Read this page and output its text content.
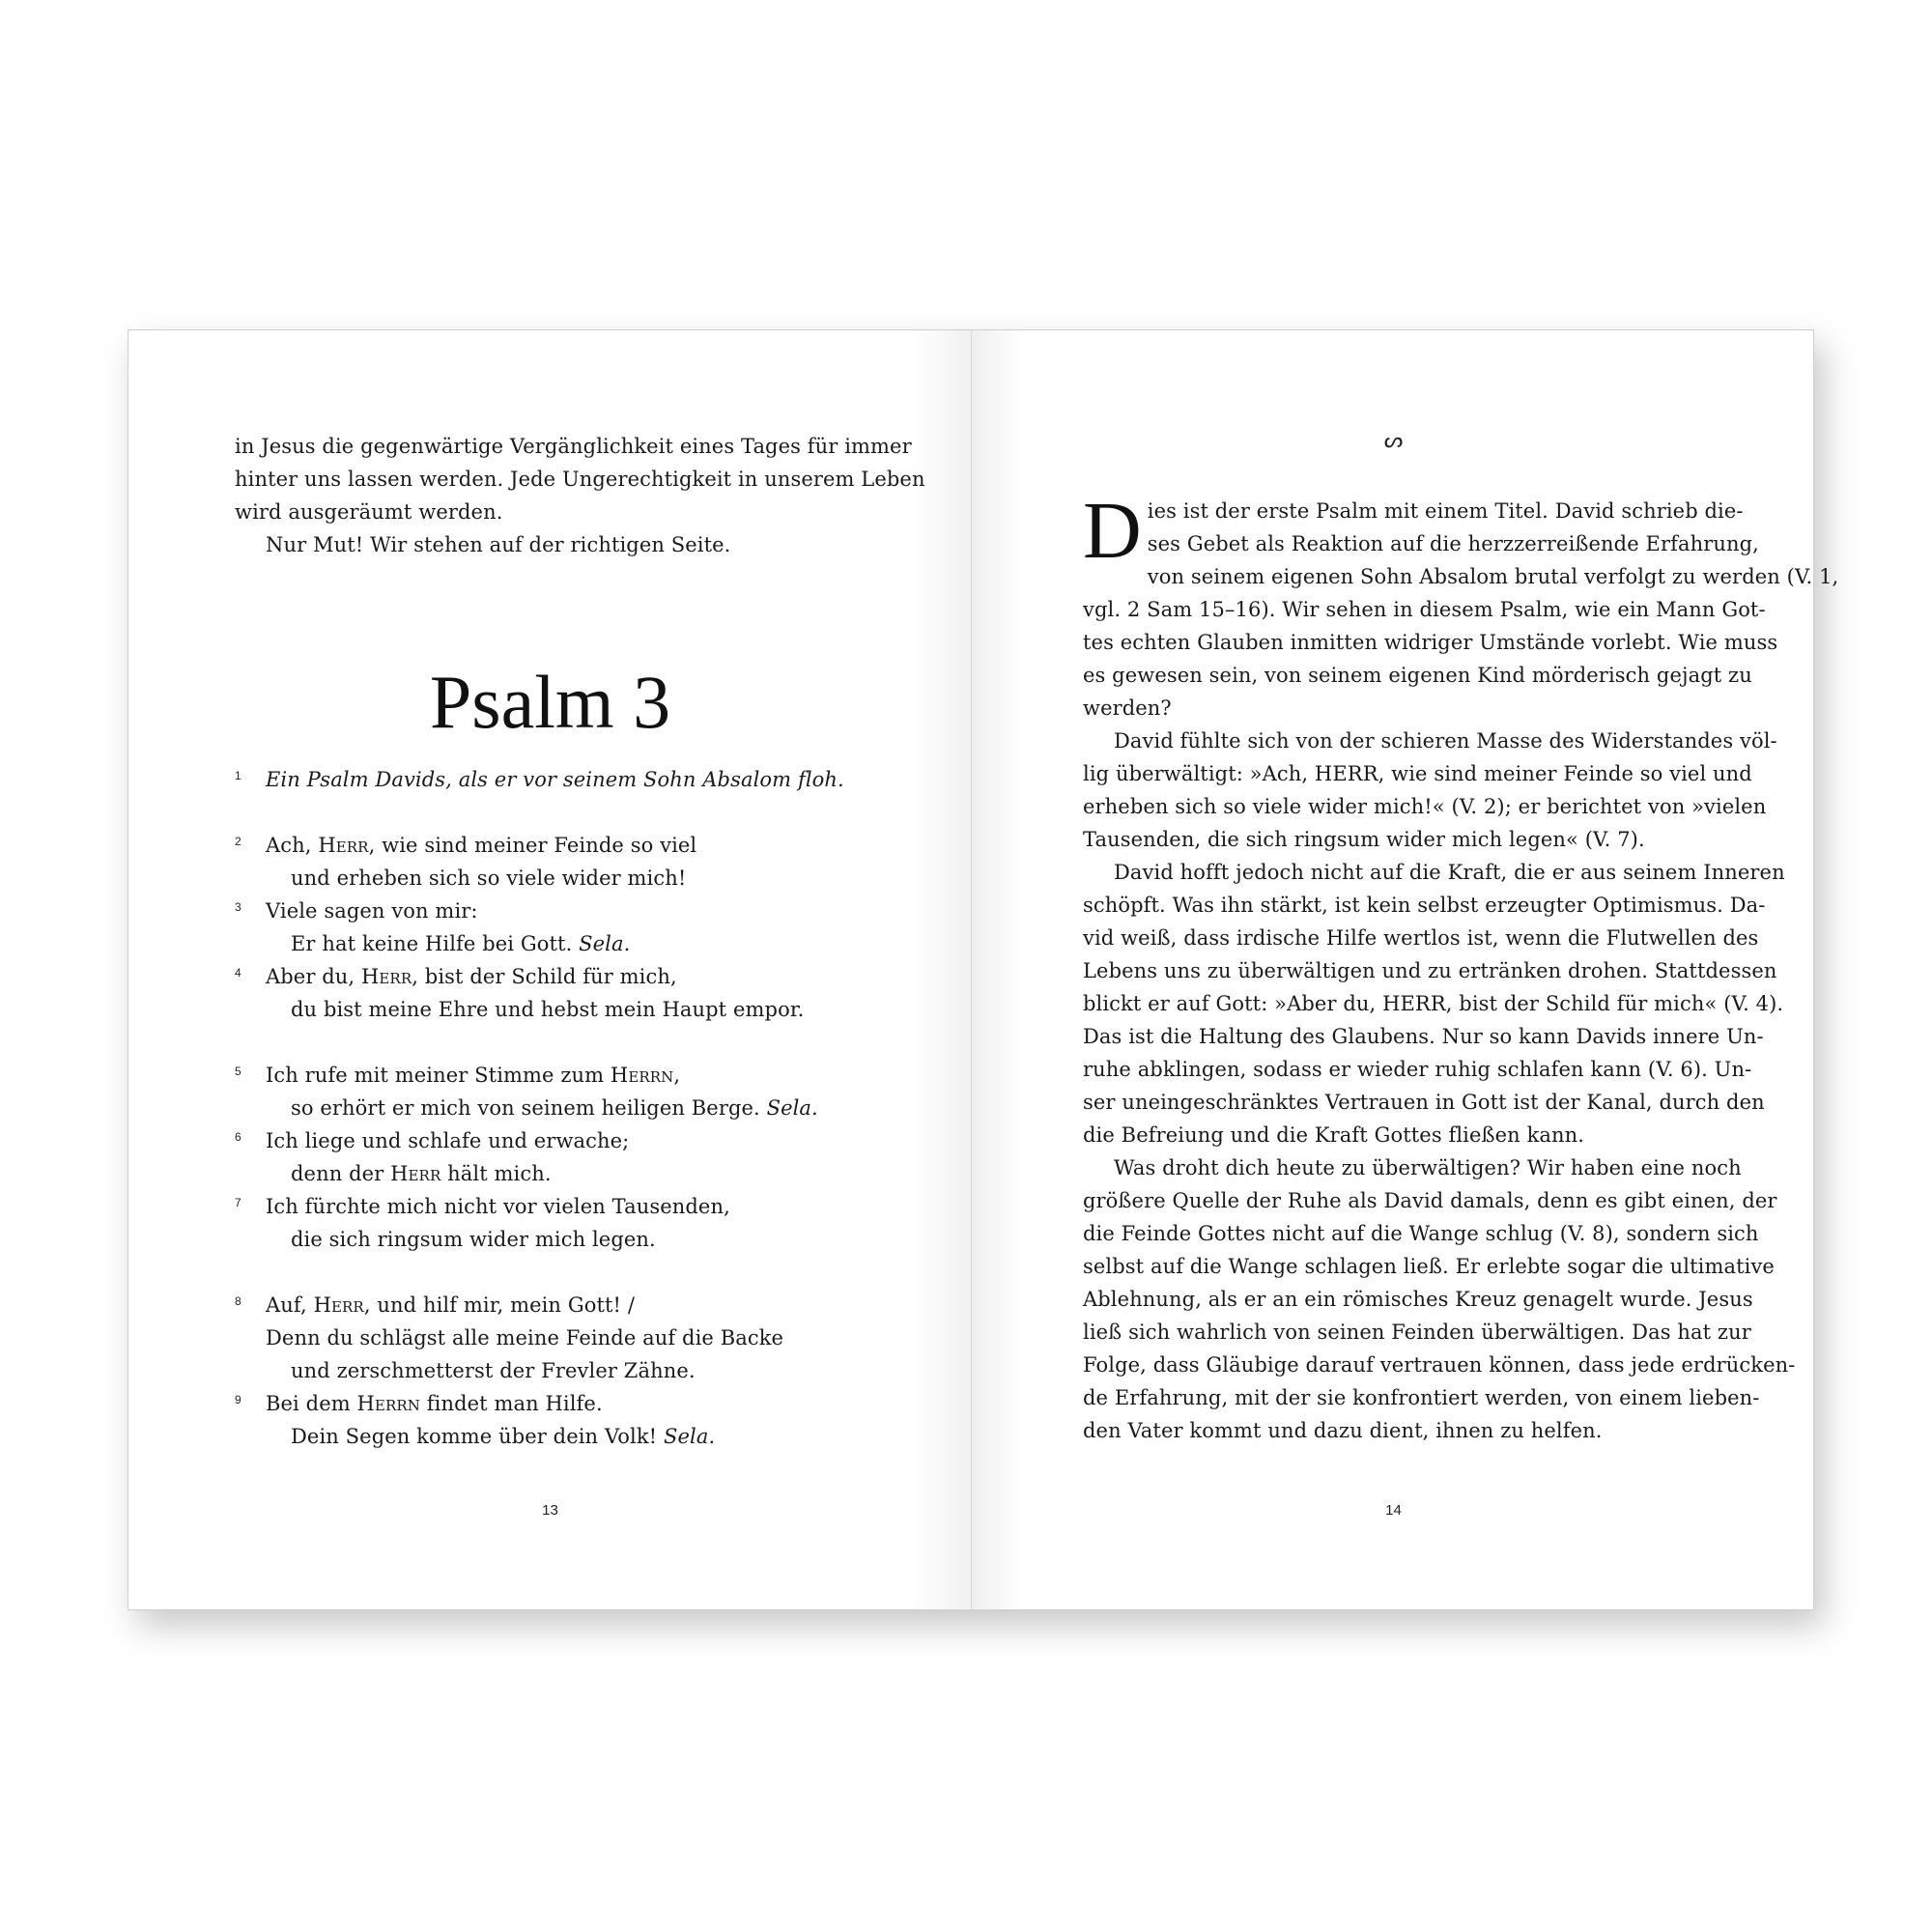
in Jesus die gegenwärtige Vergänglichkeit eines Tages für immer

hinter uns lassen werden. Jede Ungerechtigkeit in unserem Leben

wird ausgeräumt werden.

Nur Mut! Wir stehen auf der richtigen Seite.

Psalm 3
1 Ein Psalm Davids, als er vor seinem Sohn Absalom floh.
2 Ach, Herr, wie sind meiner Feinde so viel
und erheben sich so viele wider mich!
3 Viele sagen von mir:
Er hat keine Hilfe bei Gott. Sela.
4 Aber du, Herr, bist der Schild für mich,
du bist meine Ehre und hebst mein Haupt empor.
5 Ich rufe mit meiner Stimme zum Herrn,
so erhört er mich von seinem heiligen Berge. Sela.
6 Ich liege und schlafe und erwache;
denn der Herr hält mich.
7 Ich fürchte mich nicht vor vielen Tausenden,
die sich ringsum wider mich legen.
8 Auf, Herr, und hilf mir, mein Gott! /
Denn du schlägst alle meine Feinde auf die Backe
und zerschmetterst der Frevler Zähne.
9 Bei dem Herrn findet man Hilfe.
Dein Segen komme über dein Volk! Sela.
13
ᔕ
D ies ist der erste Psalm mit einem Titel. David schrieb die-

ses Gebet als Reaktion auf die herzzerreißende Erfahrung,

von seinem eigenen Sohn Absalom brutal verfolgt zu werden (V. 1,

vgl. 2 Sam 15–16). Wir sehen in diesem Psalm, wie ein Mann Got-

tes echten Glauben inmitten widriger Umstände vorlebt. Wie muss

es gewesen sein, von seinem eigenen Kind mörderisch gejagt zu

werden?

David fühlte sich von der schieren Masse des Widerstandes völ-

lig überwältigt: »Ach, HERR, wie sind meiner Feinde so viel und

erheben sich so viele wider mich!« (V. 2); er berichtet von »vielen

Tausenden, die sich ringsum wider mich legen« (V. 7).

David hofft jedoch nicht auf die Kraft, die er aus seinem Inneren

schöpft. Was ihn stärkt, ist kein selbst erzeugter Optimismus. Da-

vid weiß, dass irdische Hilfe wertlos ist, wenn die Flutwellen des

Lebens uns zu überwältigen und zu ertränken drohen. Stattdessen

blickt er auf Gott: »Aber du, HERR, bist der Schild für mich« (V. 4).

Das ist die Haltung des Glaubens. Nur so kann Davids innere Un-

ruhe abklingen, sodass er wieder ruhig schlafen kann (V. 6). Un-

ser uneingeschränktes Vertrauen in Gott ist der Kanal, durch den

die Befreiung und die Kraft Gottes fließen kann.

Was droht dich heute zu überwältigen? Wir haben eine noch

größere Quelle der Ruhe als David damals, denn es gibt einen, der

die Feinde Gottes nicht auf die Wange schlug (V. 8), sondern sich

selbst auf die Wange schlagen ließ. Er erlebte sogar die ultimative

Ablehnung, als er an ein römisches Kreuz genagelt wurde. Jesus

ließ sich wahrlich von seinen Feinden überwältigen. Das hat zur

Folge, dass Gläubige darauf vertrauen können, dass jede erdrücken-

de Erfahrung, mit der sie konfrontiert werden, von einem lieben-

den Vater kommt und dazu dient, ihnen zu helfen.

14
